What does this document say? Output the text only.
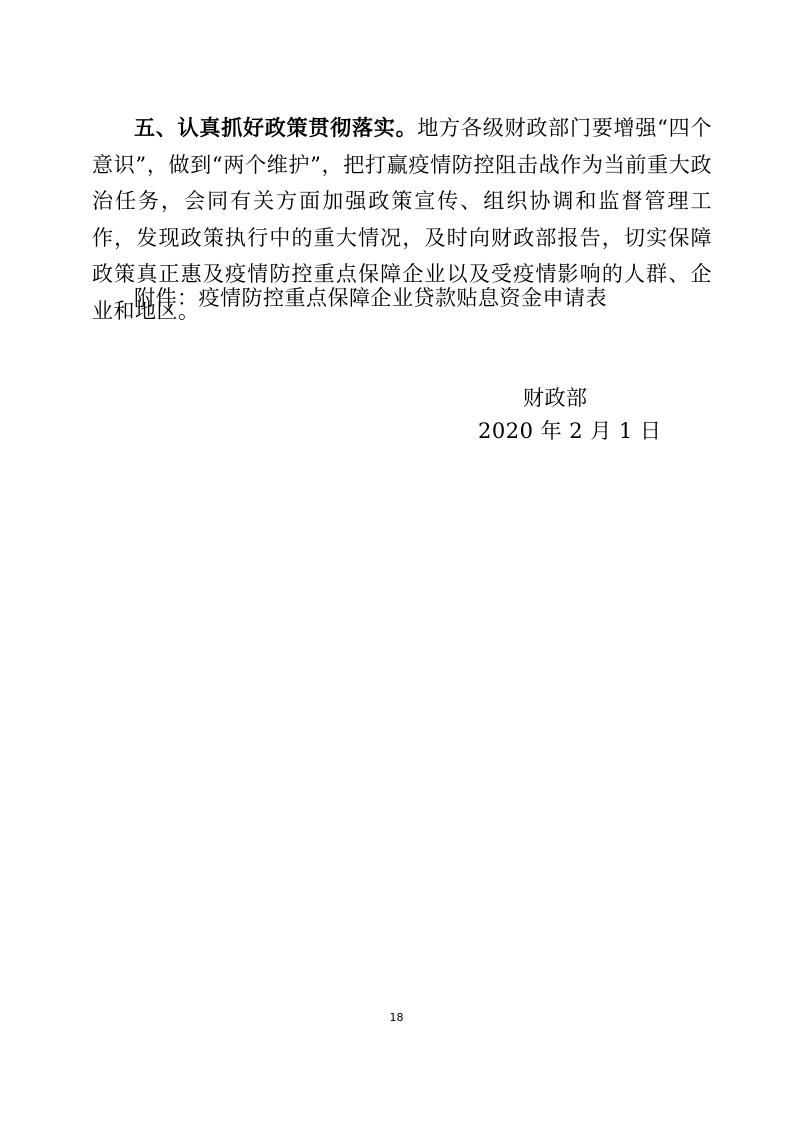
五、认真抓好政策贯彻落实。地方各级财政部门要增强“四个意识”，做到“两个维护”，把打赢疫情防控阻击战作为当前重大政治任务，会同有关方面加强政策宣传、组织协调和监督管理工作，发现政策执行中的重大情况，及时向财政部报告，切实保障政策真正惠及疫情防控重点保障企业以及受疫情影响的人群、企业和地区。

附件：疫情防控重点保障企业贷款贴息资金申请表

财政部
2020 年 2 月 1 日
18
